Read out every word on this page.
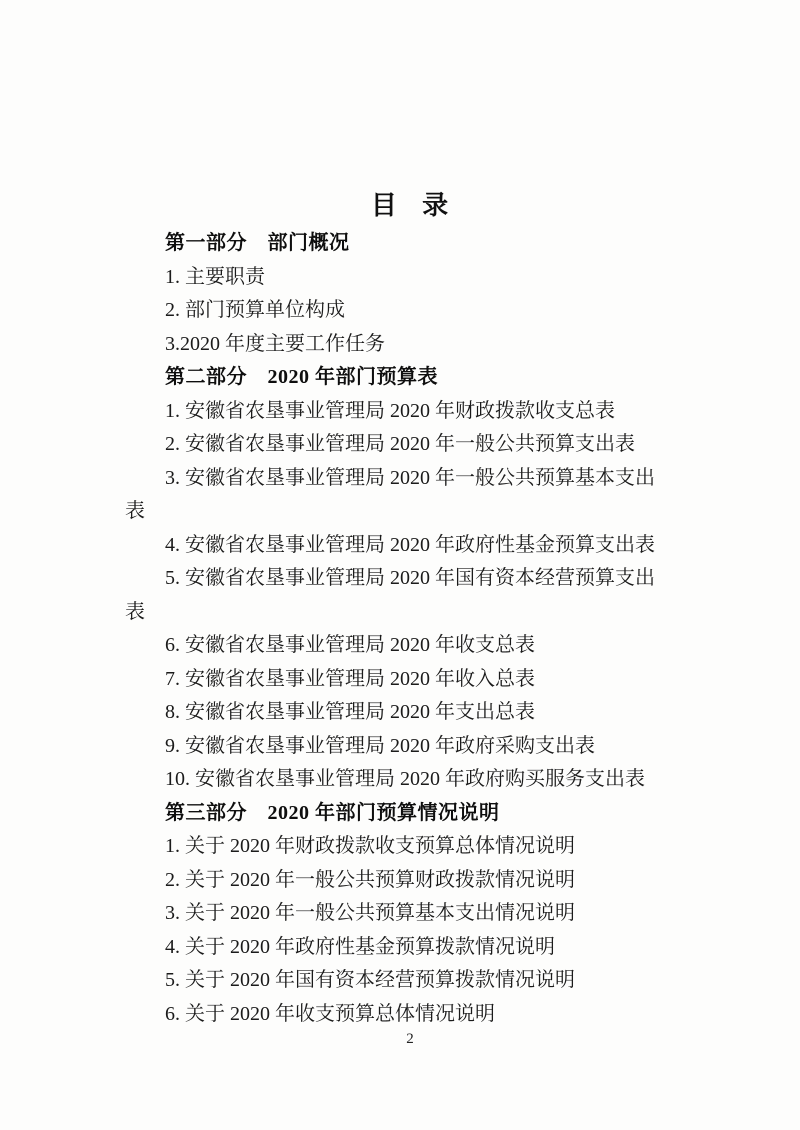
目 录

第一部分　部门概况

1. 主要职责

2. 部门预算单位构成

3.2020 年度主要工作任务

第二部分　2020 年部门预算表

1. 安徽省农垦事业管理局 2020 年财政拨款收支总表

2. 安徽省农垦事业管理局 2020 年一般公共预算支出表

3. 安徽省农垦事业管理局 2020 年一般公共预算基本支出
表

4. 安徽省农垦事业管理局 2020 年政府性基金预算支出表

5. 安徽省农垦事业管理局 2020 年国有资本经营预算支出
表

6. 安徽省农垦事业管理局 2020 年收支总表

7. 安徽省农垦事业管理局 2020 年收入总表

8. 安徽省农垦事业管理局 2020 年支出总表

9. 安徽省农垦事业管理局 2020 年政府采购支出表

10. 安徽省农垦事业管理局 2020 年政府购买服务支出表

第三部分　2020 年部门预算情况说明

1. 关于 2020 年财政拨款收支预算总体情况说明

2. 关于 2020 年一般公共预算财政拨款情况说明

3. 关于 2020 年一般公共预算基本支出情况说明

4. 关于 2020 年政府性基金预算拨款情况说明

5. 关于 2020 年国有资本经营预算拨款情况说明

6. 关于 2020 年收支预算总体情况说明

2
